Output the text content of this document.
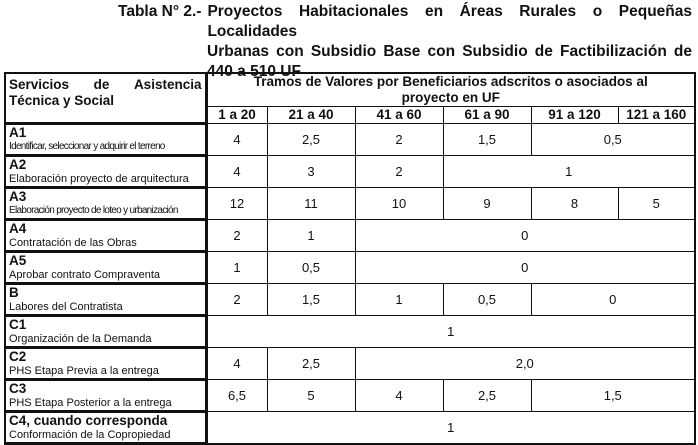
Tabla N° 2.- Proyectos Habitacionales en Áreas Rurales o Pequeñas Localidades
Urbanas con Subsidio Base con Subsidio de Factibilización de 440 a 510 UF
Servicios de Asistencia
Técnica y Social	Tramos de Valores por Beneficiarios adscritos o asociados al proyecto en UF					
	1 a 20	21 a 40	41 a 60	61 a 90	91 a 120	121 a 160

A1
Identificar, seleccionar y adquirir el terreno	4	2,5	2	1,5	0,5	

A2
Elaboración proyecto de arquitectura	4	3	2	1		

A3
Elaboración proyecto de loteo y urbanización	12	11	10	9	8	5

A4
Contratación de las Obras	2	1	0			

A5
Aprobar contrato Compraventa	1	0,5	0			

B
Labores del Contratista	2	1,5	1	0,5	0	

C1
Organización de la Demanda	1					

C2
PHS Etapa Previa a la entrega	4	2,5	2,0			

C3
PHS Etapa Posterior a la entrega	6,5	5	4	2,5	1,5	

C4, cuando corresponda
Conformación de la Copropiedad	1					
